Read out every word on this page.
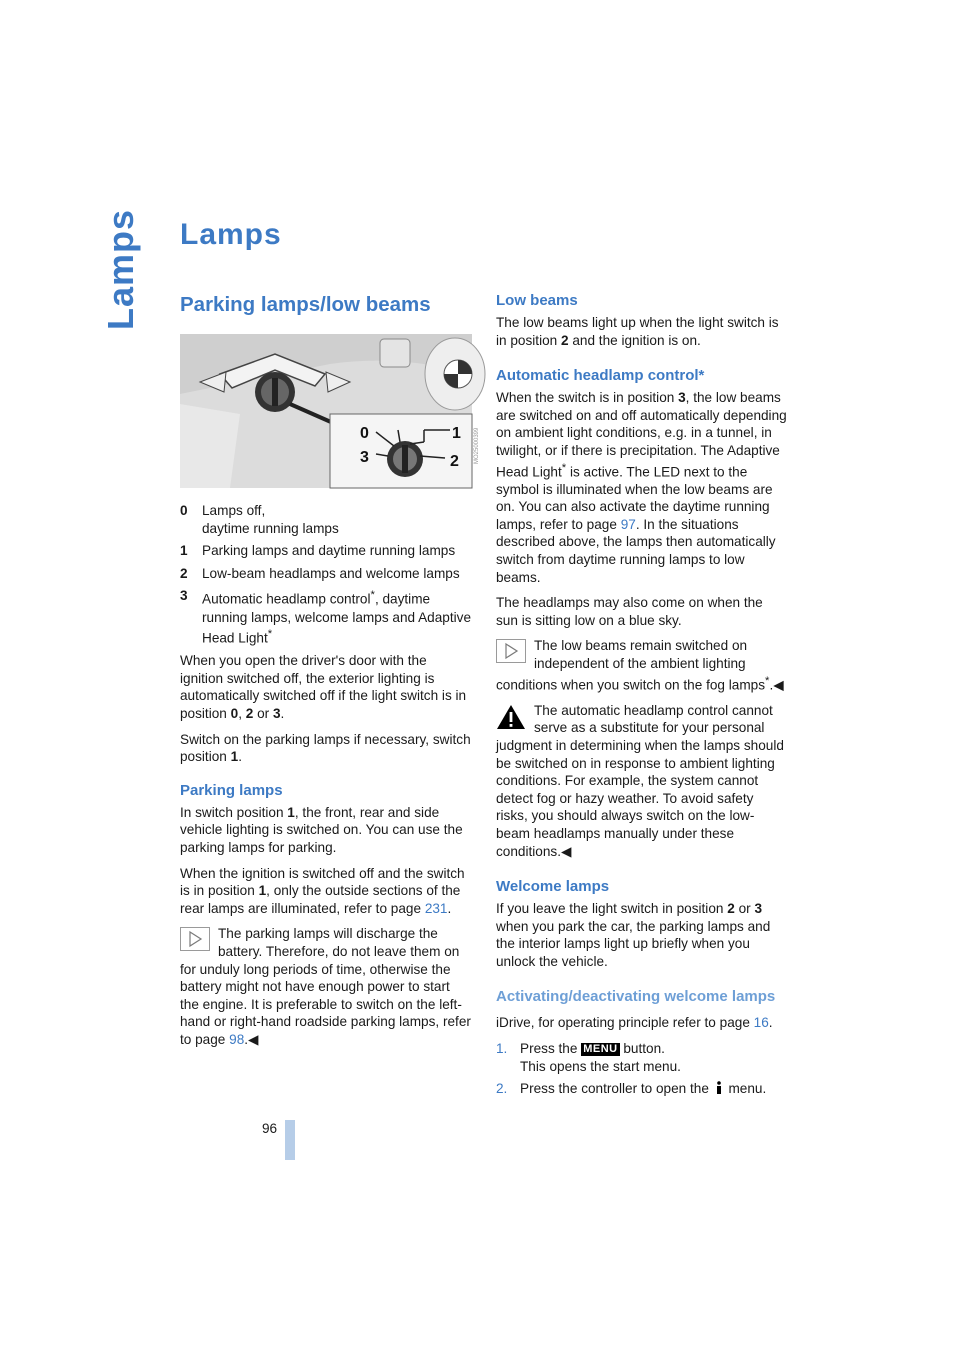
Lamps Lamps
Parking lamps/low beams
0	1
2
3	MO25000399
0	Lamps off,
daytime running lamps
1	Parking lamps and daytime running lamps
2	Low-beam headlamps and welcome lamps
3	Automatic headlamp control*, daytime running lamps, welcome lamps and Adaptive Head Light*

When you open the driver's door with the ignition switched off, the exterior lighting is automatically switched off if the light switch is in position 0, 2 or 3.

Switch on the parking lamps if necessary, switch position 1.

Parking lamps

In switch position 1, the front, rear and side vehicle lighting is switched on. You can use the parking lamps for parking.

When the ignition is switched off and the switch is in position 1, only the outside sections of the rear lamps are illuminated, refer to page 231.

The parking lamps will discharge the battery. Therefore, do not leave them on for unduly long periods of time, otherwise the battery might not have enough power to start the engine. It is preferable to switch on the left-hand or right-hand roadside parking lamps, refer to page 98.◀
Low beams

The low beams light up when the light switch is in position 2 and the ignition is on.

Automatic headlamp control*

When the switch is in position 3, the low beams are switched on and off automatically depending on ambient light conditions, e.g. in a tunnel, in twilight, or if there is precipitation. The Adaptive Head Light* is active. The LED next to the symbol is illuminated when the low beams are on. You can also activate the daytime running lamps, refer to page 97. In the situations described above, the lamps then automatically switch from daytime running lamps to low beams.

The headlamps may also come on when the sun is sitting low on a blue sky.

The low beams remain switched on independent of the ambient lighting conditions when you switch on the fog lamps*.◀
The automatic headlamp control cannot serve as a substitute for your personal judgment in determining when the lamps should be switched on in response to ambient lighting conditions. For example, the system cannot detect fog or hazy weather. To avoid safety risks, you should always switch on the low-beam headlamps manually under these conditions.◀
Welcome lamps

If you leave the light switch in position 2 or 3 when you park the car, the parking lamps and the interior lamps light up briefly when you unlock the vehicle.

Activating/deactivating welcome lamps

iDrive, for operating principle refer to page 16.

1. Press the MENU button.
This opens the start menu.
2. Press the controller to open the  menu.
96
